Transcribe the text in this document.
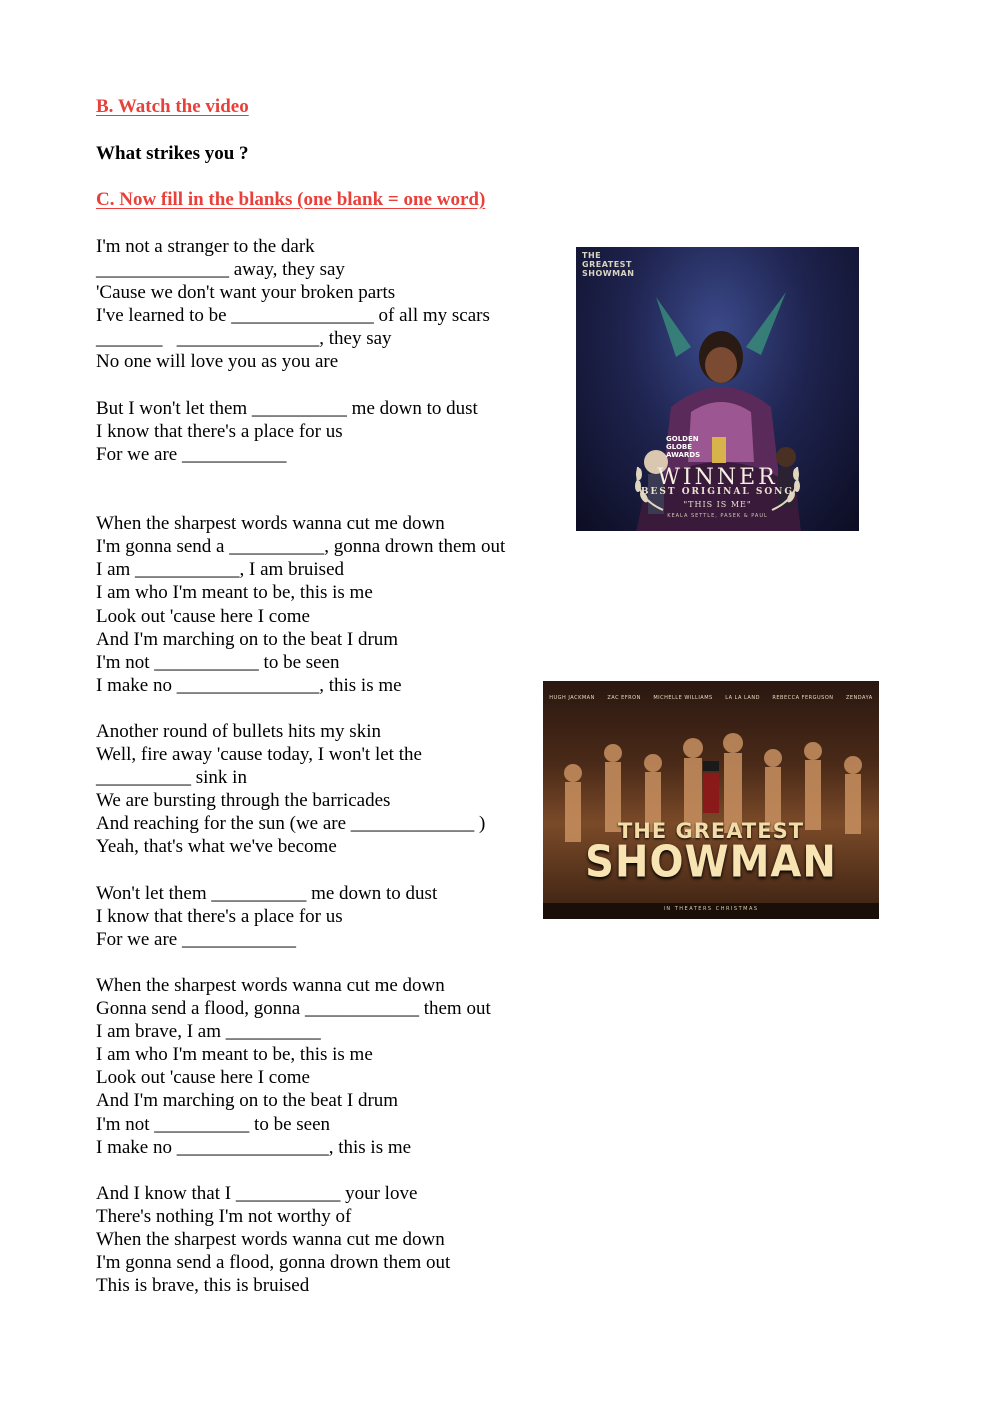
B. Watch the video

What strikes you ?

C. Now fill in the blanks (one blank = one word)
I'm not a stranger to the dark
______________ away, they say
'Cause we don't want your broken parts
I've learned to be _______________ of all my scars
_______   _______________, they say
No one will love you as you are
But I won't let them __________ me down to dust
I know that there's a place for us
For we are ___________
When the sharpest words wanna cut me down
I'm gonna send a __________, gonna drown them out
I am ___________, I am bruised
I am who I'm meant to be, this is me
Look out 'cause here I come
And I'm marching on to the beat I drum
I'm not ___________ to be seen
I make no _______________, this is me
Another round of bullets hits my skin
Well, fire away 'cause today, I won't let the
__________ sink in
We are bursting through the barricades
And reaching for the sun (we are _____________ )
Yeah, that's what we've become
Won't let them __________ me down to dust
I know that there's a place for us
For we are ____________
When the sharpest words wanna cut me down
Gonna send a flood, gonna ____________ them out
I am brave, I am __________
I am who I'm meant to be, this is me
Look out 'cause here I come
And I'm marching on to the beat I drum
I'm not __________ to be seen
I make no ________________, this is me
And I know that I ___________ your love
There's nothing I'm not worthy of
When the sharpest words wanna cut me down
I'm gonna send a flood, gonna drown them out
This is brave, this is bruised
THE GREATEST SHOWMAN
GOLDEN GLOBE AWARDS
WINNER
BEST ORIGINAL SONG
"THIS IS ME"
KEALA SETTLE, PASEK & PAUL
HUGH JACKMAN ZAC EFRON MICHELLE WILLIAMS LA LA LAND REBECCA FERGUSON ZENDAYA
THE GREATEST
SHOWMAN
IN THEATERS CHRISTMAS
